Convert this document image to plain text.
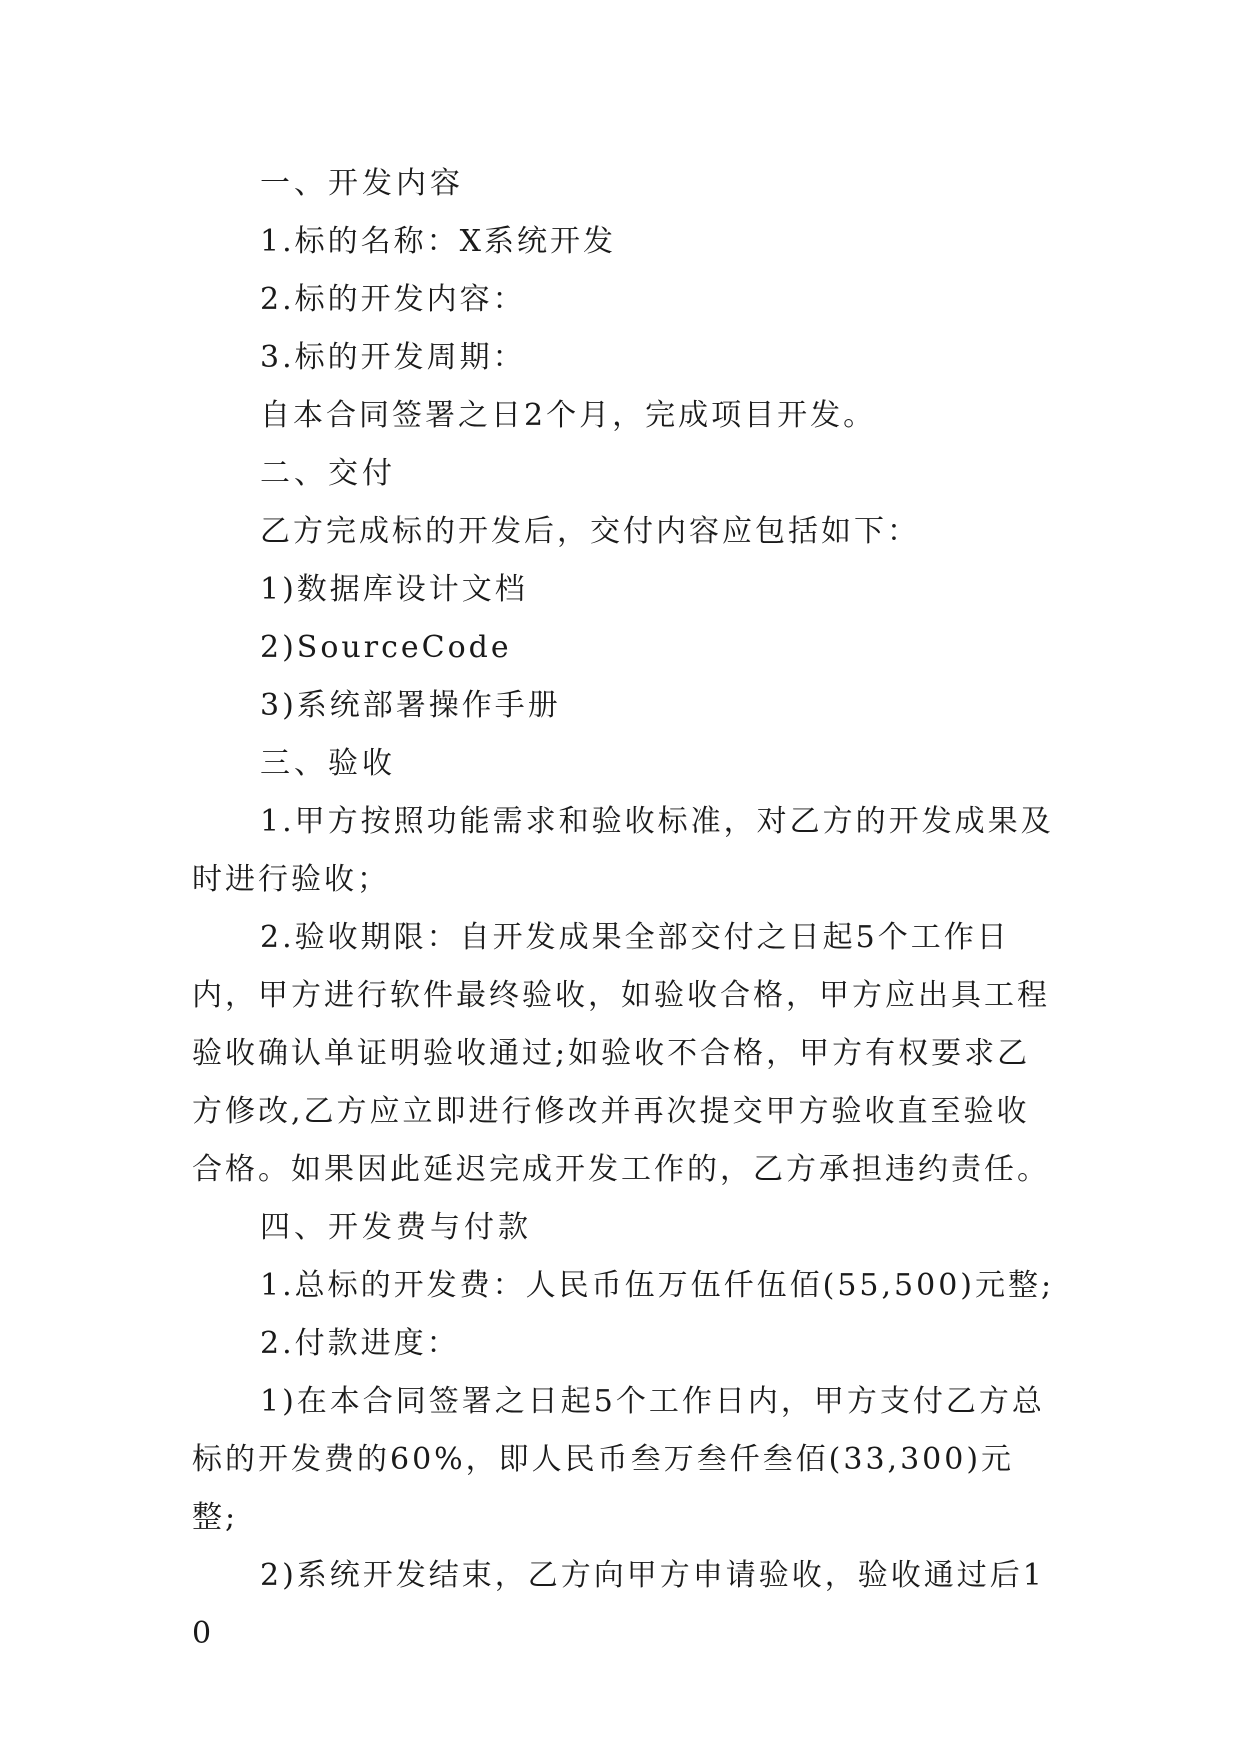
一、开发内容

1.标的名称：X系统开发

2.标的开发内容：

3.标的开发周期：

自本合同签署之日2个月，完成项目开发。

二、交付

乙方完成标的开发后，交付内容应包括如下：

1)数据库设计文档

2)SourceCode

3)系统部署操作手册

三、验收

1.甲方按照功能需求和验收标准，对乙方的开发成果及时进行验收；

2.验收期限：自开发成果全部交付之日起5个工作日内，甲方进行软件最终验收，如验收合格，甲方应出具工程验收确认单证明验收通过;如验收不合格，甲方有权要求乙方修改,乙方应立即进行修改并再次提交甲方验收直至验收合格。如果因此延迟完成开发工作的，乙方承担违约责任。

四、开发费与付款

1.总标的开发费：人民币伍万伍仟伍佰(55,500)元整;

2.付款进度：

1)在本合同签署之日起5个工作日内，甲方支付乙方总标的开发费的60%，即人民币叁万叁仟叁佰(33,300)元整;

2)系统开发结束，乙方向甲方申请验收，验收通过后10
